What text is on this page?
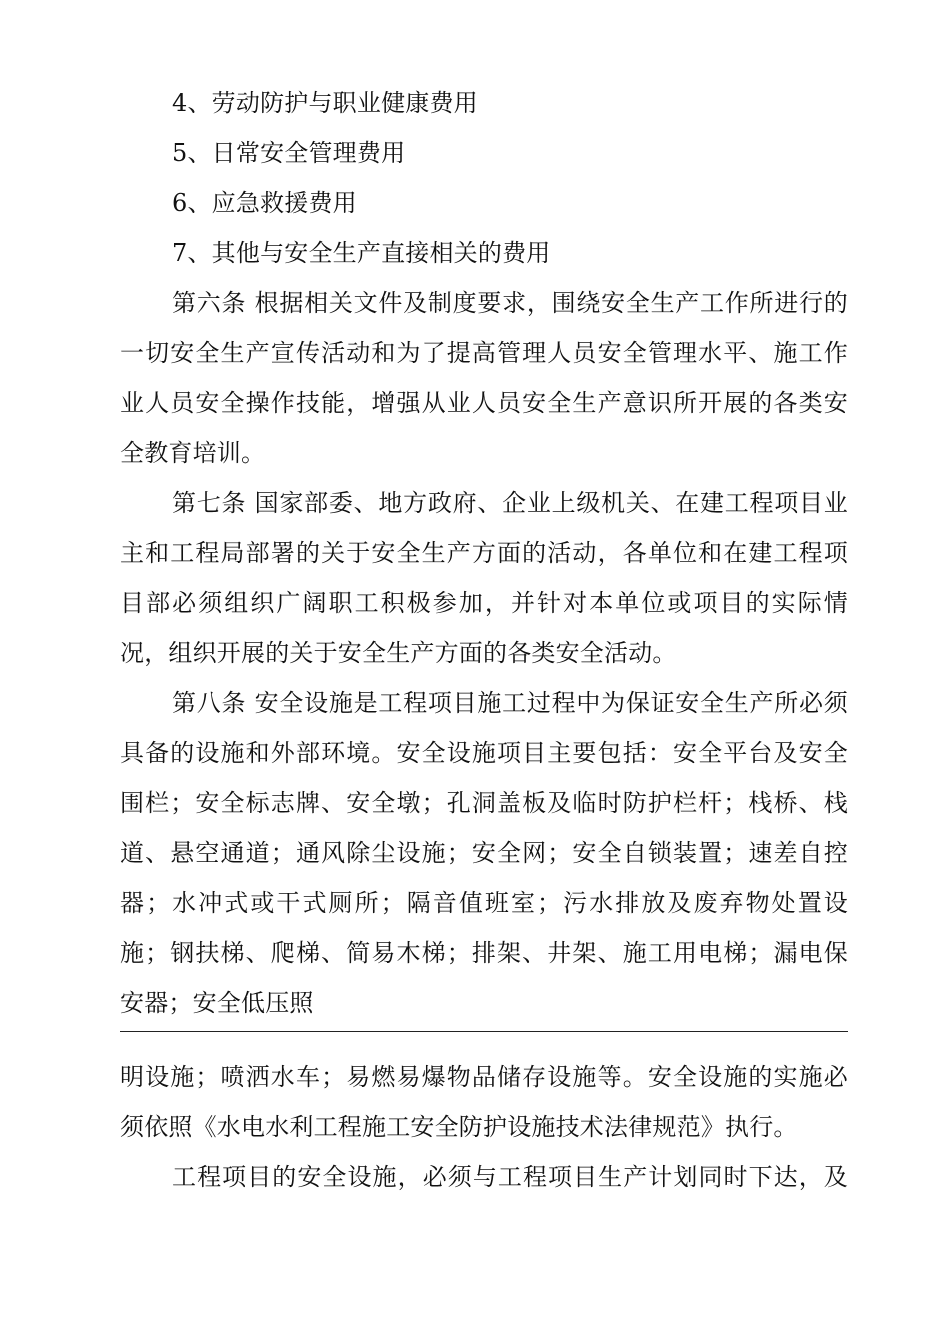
4、劳动防护与职业健康费用
5、日常安全管理费用
6、应急救援费用
7、其他与安全生产直接相关的费用
第六条 根据相关文件及制度要求，围绕安全生产工作所进行的
一切安全生产宣传活动和为了提高管理人员安全管理水平、施工作
业人员安全操作技能，增强从业人员安全生产意识所开展的各类安
全教育培训。
第七条 国家部委、地方政府、企业上级机关、在建工程项目业
主和工程局部署的关于安全生产方面的活动，各单位和在建工程项
目部必须组织广阔职工积极参加，并针对本单位或项目的实际情
况，组织开展的关于安全生产方面的各类安全活动。
第八条 安全设施是工程项目施工过程中为保证安全生产所必须
具备的设施和外部环境。安全设施项目主要包括：安全平台及安全
围栏；安全标志牌、安全墩；孔洞盖板及临时防护栏杆；栈桥、栈
道、悬空通道；通风除尘设施；安全网；安全自锁装置；速差自控
器；水冲式或干式厕所；隔音值班室；污水排放及废弃物处置设
施；钢扶梯、爬梯、简易木梯；排架、井架、施工用电梯；漏电保
安器；安全低压照
明设施；喷洒水车；易燃易爆物品储存设施等。安全设施的实施必
须依照《水电水利工程施工安全防护设施技术法律规范》执行。
工程项目的安全设施，必须与工程项目生产计划同时下达，及
